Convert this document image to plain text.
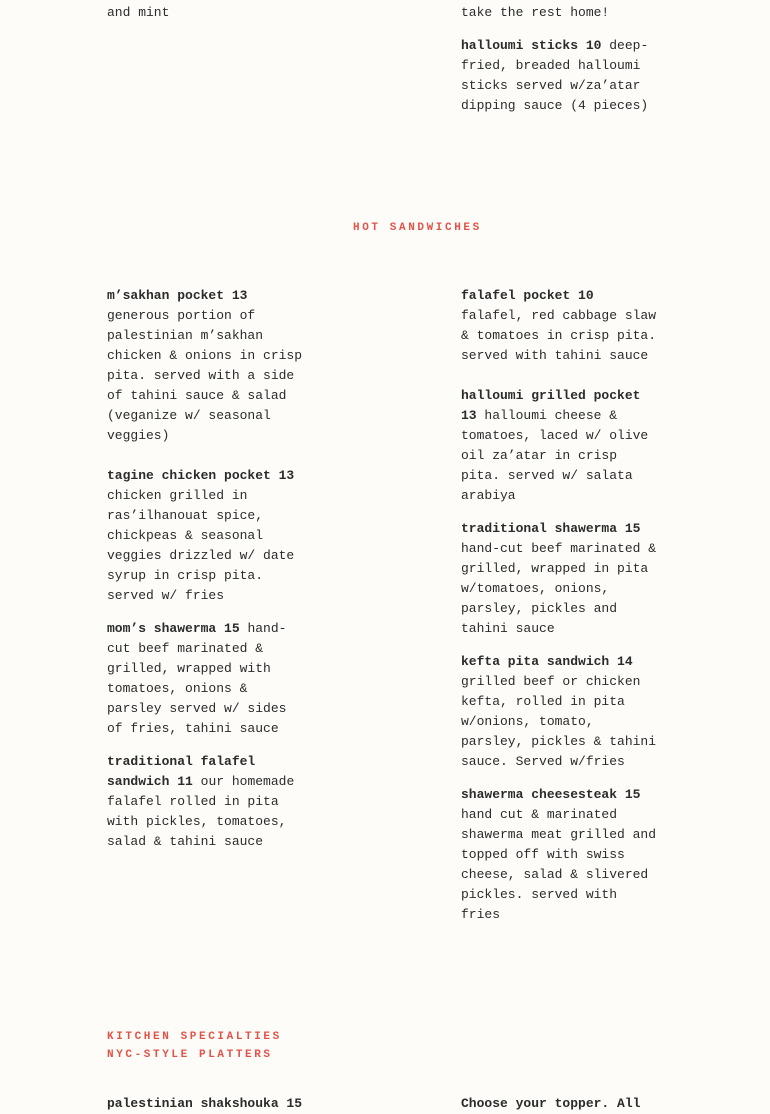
and mint	take the rest home!

halloumi sticks 10 deep-fried, breaded halloumi sticks served w/za’atar dipping sauce (4 pieces)

HOT SANDWICHES

m’sakhan pocket 13 generous portion of palestinian m’sakhan chicken & onions in crisp pita. served with a side of tahini sauce & salad (veganize w/ seasonal veggies)

tagine chicken pocket 13 chicken grilled in ras’ilhanouat spice, chickpeas & seasonal veggies drizzled w/ date syrup in crisp pita. served w/ fries

mom’s shawerma 15 hand-cut beef marinated & grilled, wrapped with tomatoes, onions & parsley served w/ sides of fries, tahini sauce

traditional falafel sandwich 11 our homemade falafel rolled in pita with pickles, tomatoes, salad & tahini sauce

falafel pocket 10 falafel, red cabbage slaw & tomatoes in crisp pita. served with tahini sauce

halloumi grilled pocket 13 halloumi cheese & tomatoes, laced w/ olive oil za’atar in crisp pita. served w/ salata arabiya

traditional shawerma 15 hand-cut beef marinated & grilled, wrapped in pita w/tomatoes, onions, parsley, pickles and tahini sauce

kefta pita sandwich 14 grilled beef or chicken kefta, rolled in pita w/onions, tomato, parsley, pickles & tahini sauce. Served w/fries

shawerma cheesesteak 15 hand cut & marinated shawerma meat grilled and topped off with swiss cheese, salad & slivered pickles. served with fries

KITCHEN SPECIALTIES
NYC-STYLE PLATTERS

palestinian shakshouka 15	Choose your topper. All
